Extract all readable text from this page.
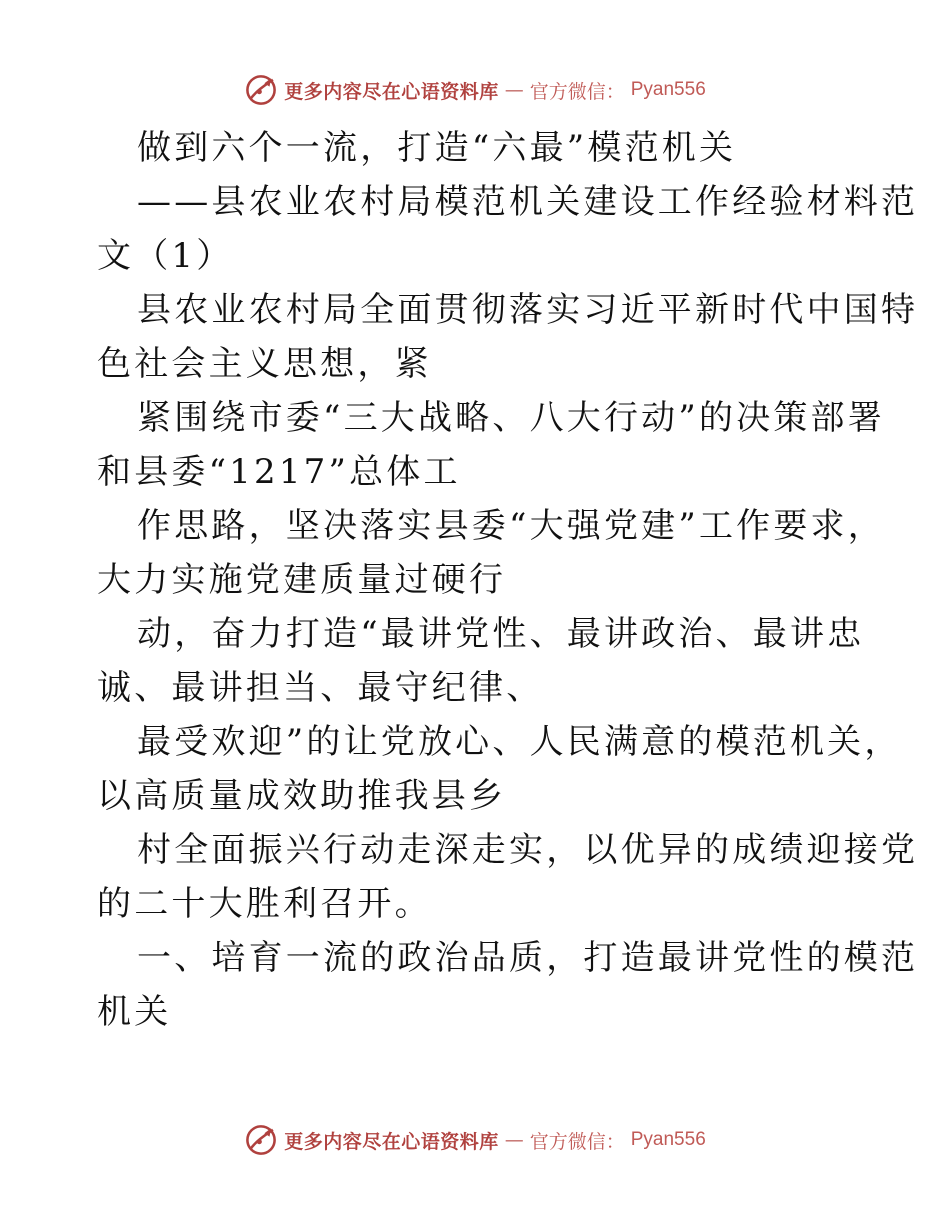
更多内容尽在心语资料库 — 官方微信： Pyan556
做到六个一流，打造“六最”模范机关
——县农业农村局模范机关建设工作经验材料范
文（1）
县农业农村局全面贯彻落实习近平新时代中国特
色社会主义思想，紧
紧围绕市委“三大战略、八大行动”的决策部署
和县委“1217”总体工
作思路，坚决落实县委“大强党建”工作要求，
大力实施党建质量过硬行
动，奋力打造“最讲党性、最讲政治、最讲忠
诚、最讲担当、最守纪律、
最受欢迎”的让党放心、人民满意的模范机关，
以高质量成效助推我县乡
村全面振兴行动走深走实，以优异的成绩迎接党
的二十大胜利召开。
一、培育一流的政治品质，打造最讲党性的模范
机关
更多内容尽在心语资料库 — 官方微信： Pyan556
